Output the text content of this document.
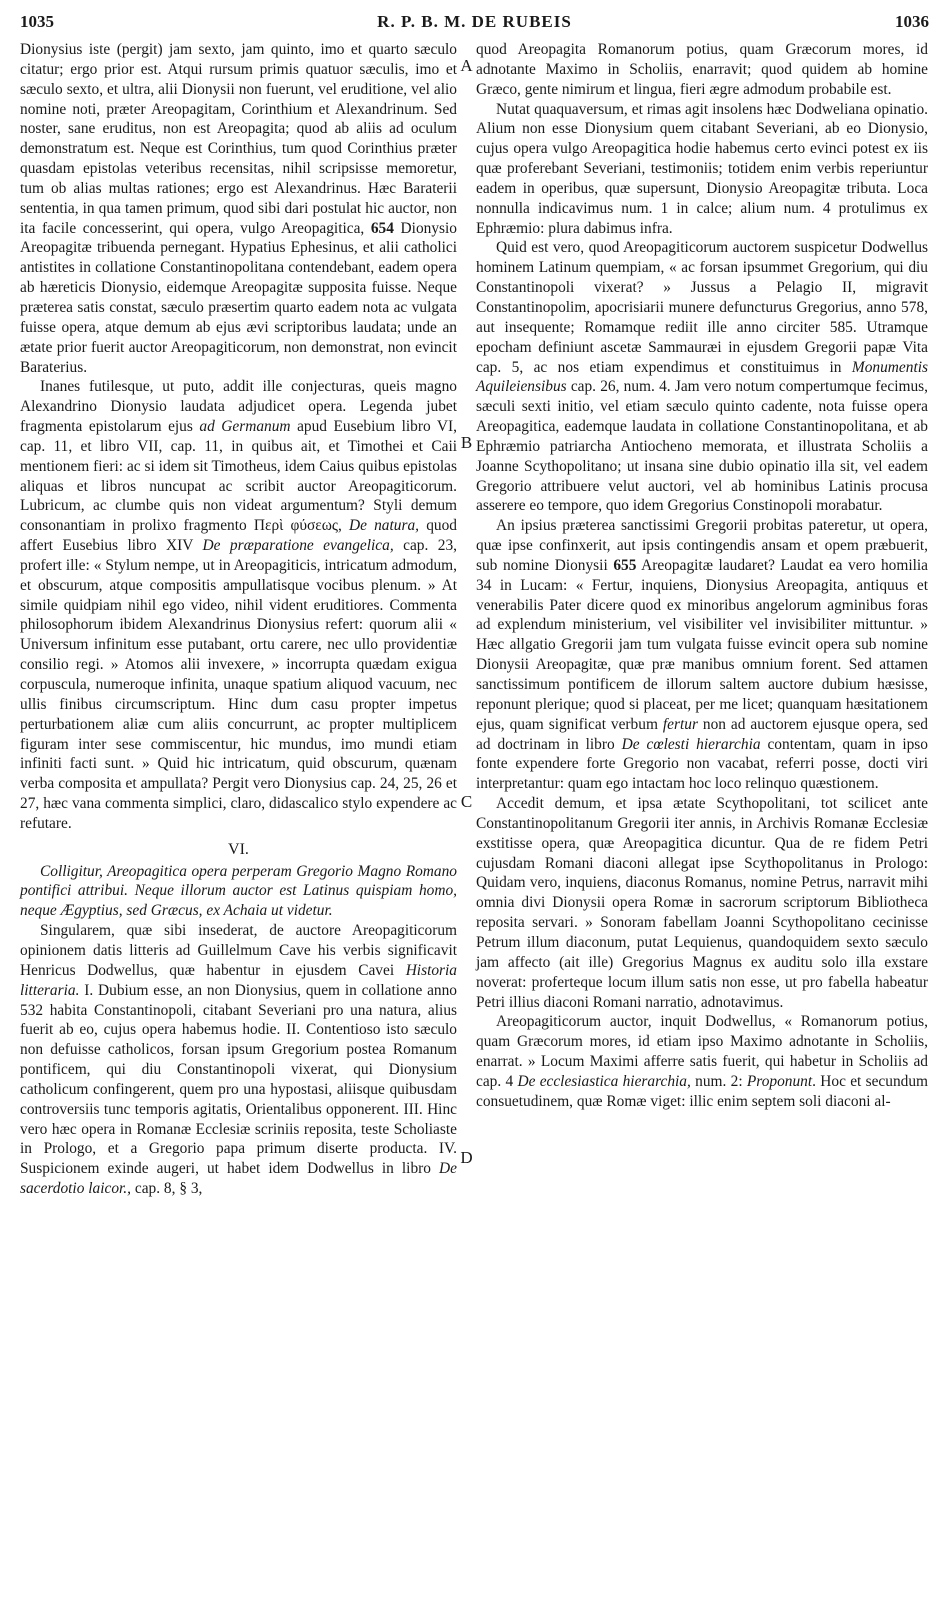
1035	R. P. B. M. DE RUBEIS	1036
A
B
C
D

Dionysius iste (pergit) jam sexto, jam quinto, imo et quarto sæculo citatur; ergo prior est. Atqui rursum primis quatuor sæculis, imo et sæculo sexto, et ultra, alii Dionysii non fuerunt, vel eruditione, vel alio nomine noti, præter Areopagitam, Corinthium et Alexandrinum. Sed noster, sane eruditus, non est Areopagita; quod ab aliis ad oculum demonstratum est. Neque est Corinthius, tum quod Corinthius præter quasdam epistolas veteribus recensitas, nihil scripsisse memoretur, tum ob alias multas rationes; ergo est Alexandrinus. Hæc Baraterii sententia, in qua tamen primum, quod sibi dari postulat hic auctor, non ita facile concesserint, qui opera, vulgo Areopagitica, 654 Dionysio Areopagitæ tribuenda pernegant. Hypatius Ephesinus, et alii catholici antistites in collatione Constantinopolitana contendebant, eadem opera ab hæreticis Dionysio, eidemque Areopagitæ supposita fuisse. Neque præterea satis constat, sæculo præsertim quarto eadem nota ac vulgata fuisse opera, atque demum ab ejus ævi scriptoribus laudata; unde an ætate prior fuerit auctor Areopagiticorum, non demonstrat, non evincit Baraterius.

Inanes futilesque, ut puto, addit ille conjecturas, queis magno Alexandrino Dionysio laudata adjudicet opera. Legenda jubet fragmenta epistolarum ejus ad Germanum apud Eusebium libro VI, cap. 11, et libro VII, cap. 11, in quibus ait, et Timothei et Caii mentionem fieri: ac si idem sit Timotheus, idem Caius quibus epistolas aliquas et libros nuncupat ac scribit auctor Areopagiticorum. Lubricum, ac clumbe quis non videat argumentum? Styli demum consonantiam in prolixo fragmento Περὶ φύσεως, De natura, quod affert Eusebius libro XIV De præparatione evangelica, cap. 23, profert ille: « Stylum nempe, ut in Areopagiticis, intricatum admodum, et obscurum, atque compositis ampullatisque vocibus plenum. » At simile quidpiam nihil ego video, nihil vident eruditiores. Commenta philosophorum ibidem Alexandrinus Dionysius refert: quorum alii « Universum infinitum esse putabant, ortu carere, nec ullo providentiæ consilio regi. » Atomos alii invexere, » incorrupta quædam exigua corpuscula, numeroque infinita, unaque spatium aliquod vacuum, nec ullis finibus circumscriptum. Hinc dum casu propter impetus perturbationem aliæ cum aliis concurrunt, ac propter multiplicem figuram inter sese commiscentur, hic mundus, imo mundi etiam infiniti facti sunt. » Quid hic intricatum, quid obscurum, quænam verba composita et ampullata? Pergit vero Dionysius cap. 24, 25, 26 et 27, hæc vana commenta simplici, claro, didascalico stylo expendere ac refutare.

VI.

Colligitur, Areopagitica opera perperam Gregorio Magno Romano pontifici attribui. Neque illorum auctor est Latinus quispiam homo, neque Ægyptius, sed Græcus, ex Achaia ut videtur.

Singularem, quæ sibi insederat, de auctore Areopagiticorum opinionem datis litteris ad Guillelmum Cave his verbis significavit Henricus Dodwellus, quæ habentur in ejusdem Cavei Historia litteraria. I. Dubium esse, an non Dionysius, quem in collatione anno 532 habita Constantinopoli, citabant Severiani pro una natura, alius fuerit ab eo, cujus opera habemus hodie. II. Contentioso isto sæculo non defuisse catholicos, forsan ipsum Gregorium postea Romanum pontificem, qui diu Constantinopoli vixerat, qui Dionysium catholicum confingerent, quem pro una hypostasi, aliisque quibusdam controversiis tunc temporis agitatis, Orientalibus opponerent. III. Hinc vero hæc opera in Romanæ Ecclesiæ scriniis reposita, teste Scholiaste in Prologo, et a Gregorio papa primum diserte producta. IV. Suspicionem exinde augeri, ut habet idem Dodwellus in libro De sacerdotio laicor., cap. 8, § 3,

quod Areopagita Romanorum potius, quam Græcorum mores, id adnotante Maximo in Scholiis, enarravit; quod quidem ab homine Græco, gente nimirum et lingua, fieri ægre admodum probabile est.

Nutat quaquaversum, et rimas agit insolens hæc Dodweliana opinatio. Alium non esse Dionysium quem citabant Severiani, ab eo Dionysio, cujus opera vulgo Areopagitica hodie habemus certo evinci potest ex iis quæ proferebant Severiani, testimoniis; totidem enim verbis reperiuntur eadem in operibus, quæ supersunt, Dionysio Areopagitæ tributa. Loca nonnulla indicavimus num. 1 in calce; alium num. 4 protulimus ex Ephræmio: plura dabimus infra.

Quid est vero, quod Areopagiticorum auctorem suspicetur Dodwellus hominem Latinum quempiam, « ac forsan ipsummet Gregorium, qui diu Constantinopoli vixerat? » Jussus a Pelagio II, migravit Constantinopolim, apocrisiarii munere defuncturus Gregorius, anno 578, aut insequente; Romamque rediit ille anno circiter 585. Utramque epocham definiunt ascetæ Sammauræi in ejusdem Gregorii papæ Vita cap. 5, ac nos etiam expendimus et constituimus in Monumentis Aquileiensibus cap. 26, num. 4. Jam vero notum compertumque fecimus, sæculi sexti initio, vel etiam sæculo quinto cadente, nota fuisse opera Areopagitica, eademque laudata in collatione Constantinopolitana, et ab Ephræmio patriarcha Antiocheno memorata, et illustrata Scholiis a Joanne Scythopolitano; ut insana sine dubio opinatio illa sit, vel eadem Gregorio attribuere velut auctori, vel ab hominibus Latinis procusa asserere eo tempore, quo idem Gregorius Constinopoli morabatur.

An ipsius præterea sanctissimi Gregorii probitas pateretur, ut opera, quæ ipse confinxerit, aut ipsis contingendis ansam et opem præbuerit, sub nomine Dionysii 655 Areopagitæ laudaret? Laudat ea vero homilia 34 in Lucam: « Fertur, inquiens, Dionysius Areopagita, antiquus et venerabilis Pater dicere quod ex minoribus angelorum agminibus foras ad explendum ministerium, vel visibiliter vel invisibiliter mittuntur. » Hæc allgatio Gregorii jam tum vulgata fuisse evincit opera sub nomine Dionysii Areopagitæ, quæ præ manibus omnium forent. Sed attamen sanctissimum pontificem de illorum saltem auctore dubium hæsisse, reponunt plerique; quod si placeat, per me licet; quanquam hæsitationem ejus, quam significat verbum fertur non ad auctorem ejusque opera, sed ad doctrinam in libro De cœlesti hierarchia contentam, quam in ipso fonte expendere forte Gregorio non vacabat, referri posse, docti viri interpretantur: quam ego intactam hoc loco relinquo quæstionem.

Accedit demum, et ipsa ætate Scythopolitani, tot scilicet ante Constantinopolitanum Gregorii iter annis, in Archivis Romanæ Ecclesiæ exstitisse opera, quæ Areopagitica dicuntur. Qua de re fidem Petri cujusdam Romani diaconi allegat ipse Scythopolitanus in Prologo: Quidam vero, inquiens, diaconus Romanus, nomine Petrus, narravit mihi omnia divi Dionysii opera Romæ in sacrorum scriptorum Bibliotheca reposita servari. » Sonoram fabellam Joanni Scythopolitano cecinisse Petrum illum diaconum, putat Lequienus, quandoquidem sexto sæculo jam affecto (ait ille) Gregorius Magnus ex auditu solo illa exstare noverat: proferteque locum illum satis non esse, ut pro fabella habeatur Petri illius diaconi Romani narratio, adnotavimus.

Areopagiticorum auctor, inquit Dodwellus, « Romanorum potius, quam Græcorum mores, id etiam ipso Maximo adnotante in Scholiis, enarrat. » Locum Maximi afferre satis fuerit, qui habetur in Scholiis ad cap. 4 De ecclesiastica hierarchia, num. 2: Proponunt. Hoc et secundum consuetudinem, quæ Romæ viget: illic enim septem soli diaconi al-
